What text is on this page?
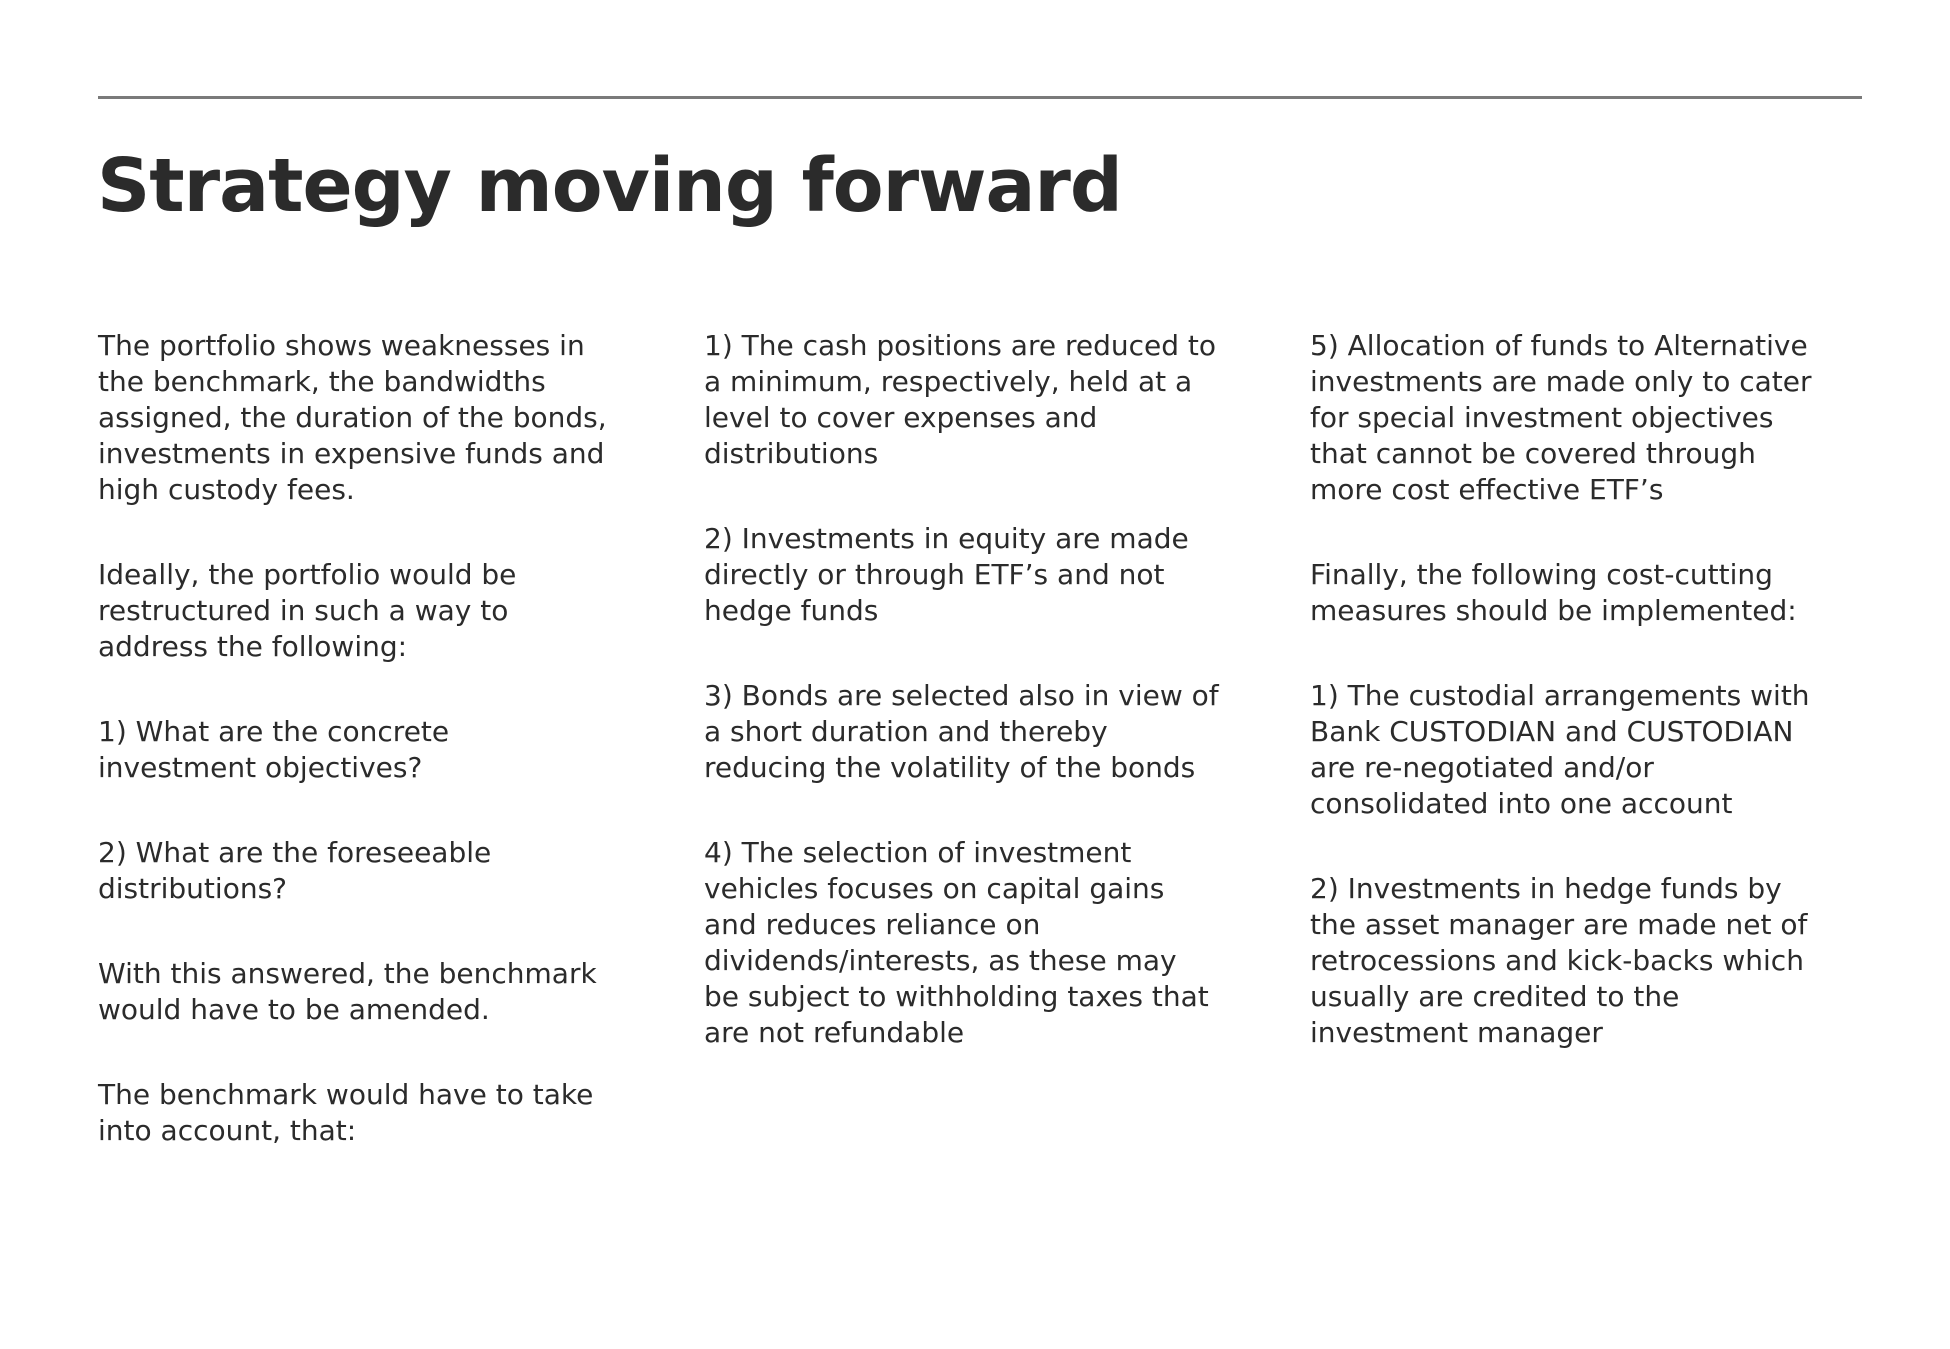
Strategy moving forward

The portfolio shows weaknesses in
the benchmark, the bandwidths
assigned, the duration of the bonds,
investments in expensive funds and
high custody fees.

Ideally, the portfolio would be
restructured in such a way to
address the following:

1) What are the concrete
investment objectives?

2) What are the foreseeable
distributions?

With this answered, the benchmark
would have to be amended.

The benchmark would have to take
into account, that:

1) The cash positions are reduced to
a minimum, respectively, held at a
level to cover expenses and
distributions

2) Investments in equity are made
directly or through ETF’s and not
hedge funds

3) Bonds are selected also in view of
a short duration and thereby
reducing the volatility of the bonds

4) The selection of investment
vehicles focuses on capital gains
and reduces reliance on
dividends/interests, as these may
be subject to withholding taxes that
are not refundable

5) Allocation of funds to Alternative
investments are made only to cater
for special investment objectives
that cannot be covered through
more cost effective ETF’s

Finally, the following cost-cutting
measures should be implemented:

1) The custodial arrangements with
Bank CUSTODIAN and CUSTODIAN
are re-negotiated and/or
consolidated into one account

2) Investments in hedge funds by
the asset manager are made net of
retrocessions and kick-backs which
usually are credited to the
investment manager
